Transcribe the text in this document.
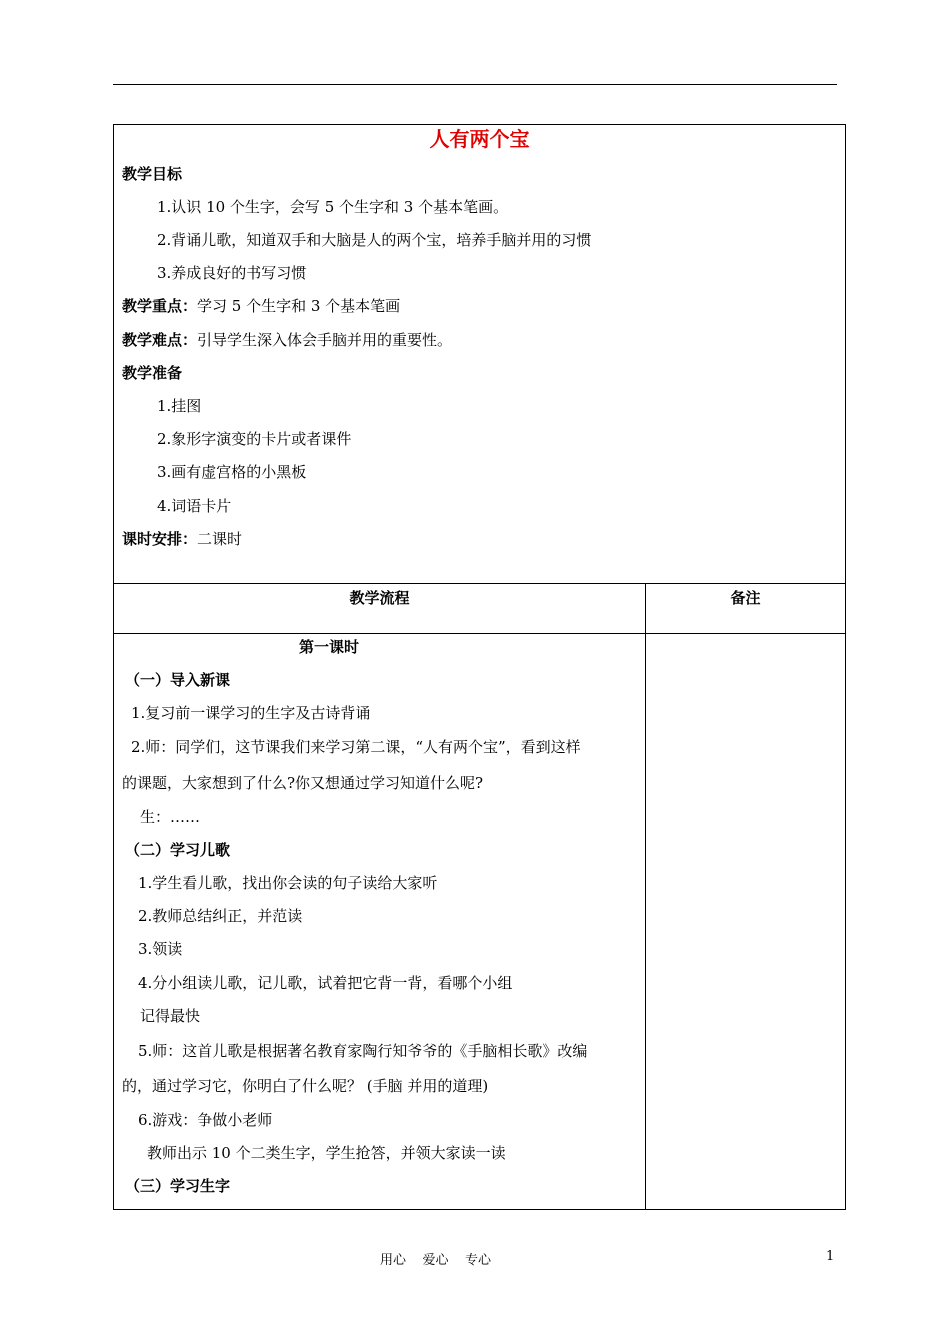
人有两个宝
教学目标
1.认识 10 个生字，会写 5 个生字和 3 个基本笔画。
2.背诵儿歌，知道双手和大脑是人的两个宝，培养手脑并用的习惯
3.养成良好的书写习惯
教学重点：学习 5 个生字和 3 个基本笔画
教学难点：引导学生深入体会手脑并用的重要性。
教学准备
1.挂图
2.象形字演变的卡片或者课件
3.画有虚宫格的小黑板
4.词语卡片
课时安排：二课时
教学流程	备注
第一课时
（一）导入新课
1.复习前一课学习的生字及古诗背诵
2.师：同学们，这节课我们来学习第二课，“人有两个宝”，看到这样
的课题，大家想到了什么?你又想通过学习知道什么呢?
生：……
（二）学习儿歌
1.学生看儿歌，找出你会读的句子读给大家听
2.教师总结纠正，并范读
3.领读
4.分小组读儿歌，记儿歌，试着把它背一背，看哪个小组
记得最快
5.师：这首儿歌是根据著名教育家陶行知爷爷的《手脑相长歌》改编
的，通过学习它，你明白了什么呢？ (手脑 并用的道理)
6.游戏：争做小老师
教师出示 10 个二类生字，学生抢答，并领大家读一读
（三）学习生字
用心    爱心    专心	1
